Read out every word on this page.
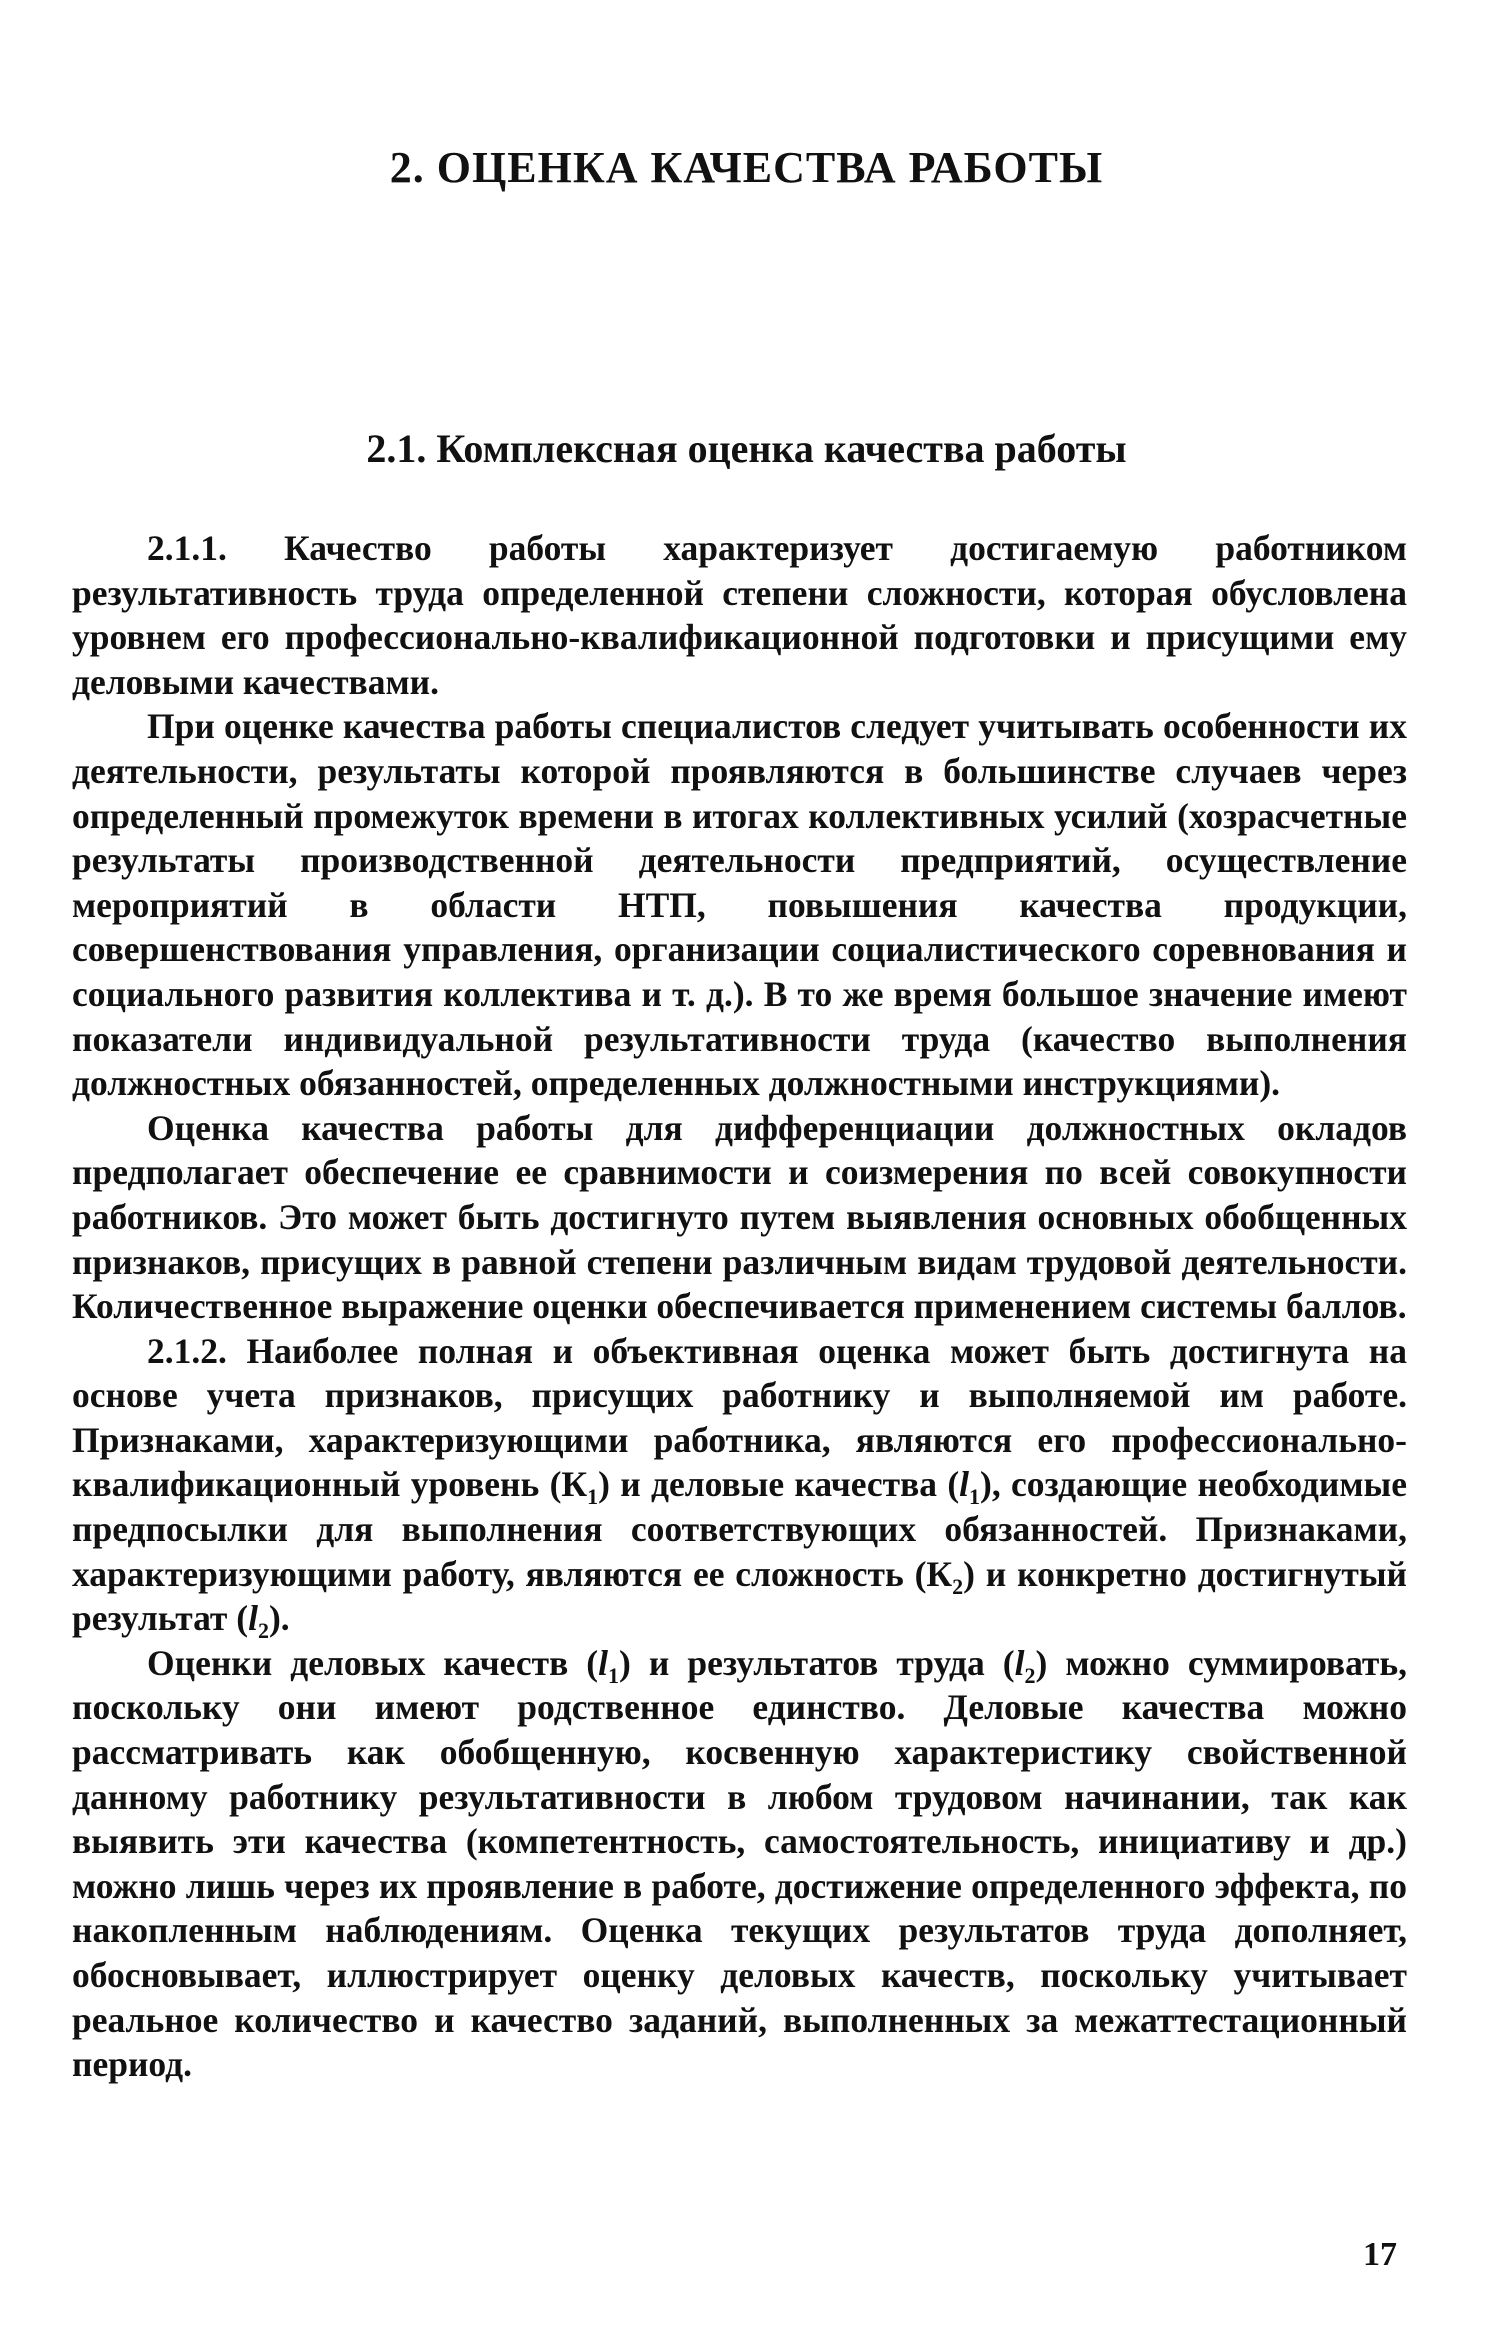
2. ОЦЕНКА КАЧЕСТВА РАБОТЫ
2.1. Комплексная оценка качества работы

2.1.1. Качество работы характеризует достигаемую работником результативность труда определенной степени сложности, которая обусловлена уровнем его профессионально-квалификационной подготовки и присущими ему деловыми качествами.

При оценке качества работы специалистов следует учитывать особенности их деятельности, результаты которой проявляются в большинстве случаев через определенный промежуток времени в итогах коллективных усилий (хозрасчетные результаты производственной деятельности предприятий, осуществление мероприятий в области НТП, повышения качества продукции, совершенствования управления, организации социалистического соревнования и социального развития коллектива и т. д.). В то же время большое значение имеют показатели индивидуальной результативности труда (качество выполнения должностных обязанностей, определенных должностными инструкциями).

Оценка качества работы для дифференциации должностных окладов предполагает обеспечение ее сравнимости и соизмерения по всей совокупности работников. Это может быть достигнуто путем выявления основных обобщенных признаков, присущих в равной степени различным видам трудовой деятельности. Количественное выражение оценки обеспечивается применением системы баллов.

2.1.2. Наиболее полная и объективная оценка может быть достигнута на основе учета признаков, присущих работнику и выполняемой им работе. Признаками, характеризующими работника, являются его профессионально-квалификационный уровень $(К_1)$ и деловые качества $(l_1)$, создающие необходимые предпосылки для выполнения соответствующих обязанностей. Признаками, характеризующими работу, являются ее сложность $(К_2)$ и конкретно достигнутый результат $(l_2)$.

Оценки деловых качеств $(l_1)$ и результатов труда $(l_2)$ можно суммировать, поскольку они имеют родственное единство. Деловые качества можно рассматривать как обобщенную, косвенную характеристику свойственной данному работнику результативности в любом трудовом начинании, так как выявить эти качества (компетентность, самостоятельность, инициативу и др.) можно лишь через их проявление в работе, достижение определенного эффекта, по накопленным наблюдениям. Оценка текущих результатов труда дополняет, обосновывает, иллюстрирует оценку деловых качеств, поскольку учитывает реальное количество и качество заданий, выполненных за межаттестационный период.

17
